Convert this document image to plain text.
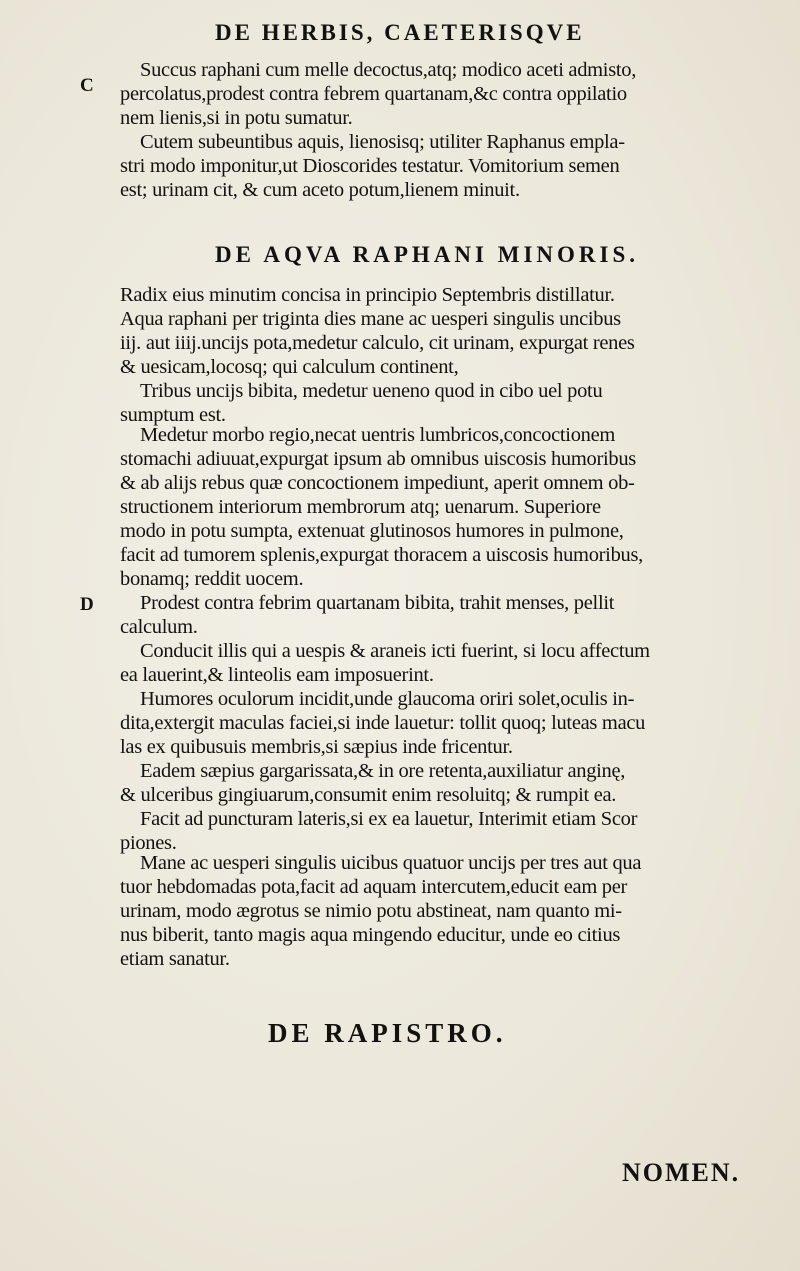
DE HERBIS, CAETERISQVE
C
Succus raphani cum melle decoctus,atq; modico aceti admisto,
percolatus,prodest contra febrem quartanam,&c contra oppilatio
nem lienis,si in potu sumatur.
Cutem subeuntibus aquis, lienosisq; utiliter Raphanus empla-
stri modo imponitur,ut Dioscorides testatur. Vomitorium semen
est; urinam cit, & cum aceto potum,lienem minuit.
DE AQVA RAPHANI MINORIS.
Radix eius minutim concisa in principio Septembris distillatur.
Aqua raphani per triginta dies mane ac uesperi singulis uncibus
iij. aut iiij.uncijs pota,medetur calculo, cit urinam, expurgat renes
& uesicam,locosq; qui calculum continent,
Tribus uncijs bibita, medetur ueneno quod in cibo uel potu
sumptum est.
Medetur morbo regio,necat uentris lumbricos,concoctionem
stomachi adiuuat,expurgat ipsum ab omnibus uiscosis humoribus
& ab alijs rebus quæ concoctionem impediunt, aperit omnem ob-
structionem interiorum membrorum atq; uenarum. Superiore
modo in potu sumpta, extenuat glutinosos humores in pulmone,
facit ad tumorem splenis,expurgat thoracem a uiscosis humoribus,
bonamq; reddit uocem.
Prodest contra febrim quartanam bibita, trahit menses, pellit
calculum.
Conducit illis qui a uespis & araneis icti fuerint, si locu affectum
ea lauerint,& linteolis eam imposuerint.
Humores oculorum incidit,unde glaucoma oriri solet,oculis in-
dita,extergit maculas faciei,si inde lauetur: tollit quoq; luteas macu
las ex quibusuis membris,si sæpius inde fricentur.
Eadem sæpius gargarissata,& in ore retenta,auxiliatur anginę,
& ulceribus gingiuarum,consumit enim resoluitq; & rumpit ea.
Facit ad puncturam lateris,si ex ea lauetur, Interimit etiam Scor
piones.
Mane ac uesperi singulis uicibus quatuor uncijs per tres aut qua
tuor hebdomadas pota,facit ad aquam intercutem,educit eam per
urinam, modo ægrotus se nimio potu abstineat, nam quanto mi-
nus biberit, tanto magis aqua mingendo educitur, unde eo citius
etiam sanatur.
D
DE RAPISTRO.
NOMEN.
